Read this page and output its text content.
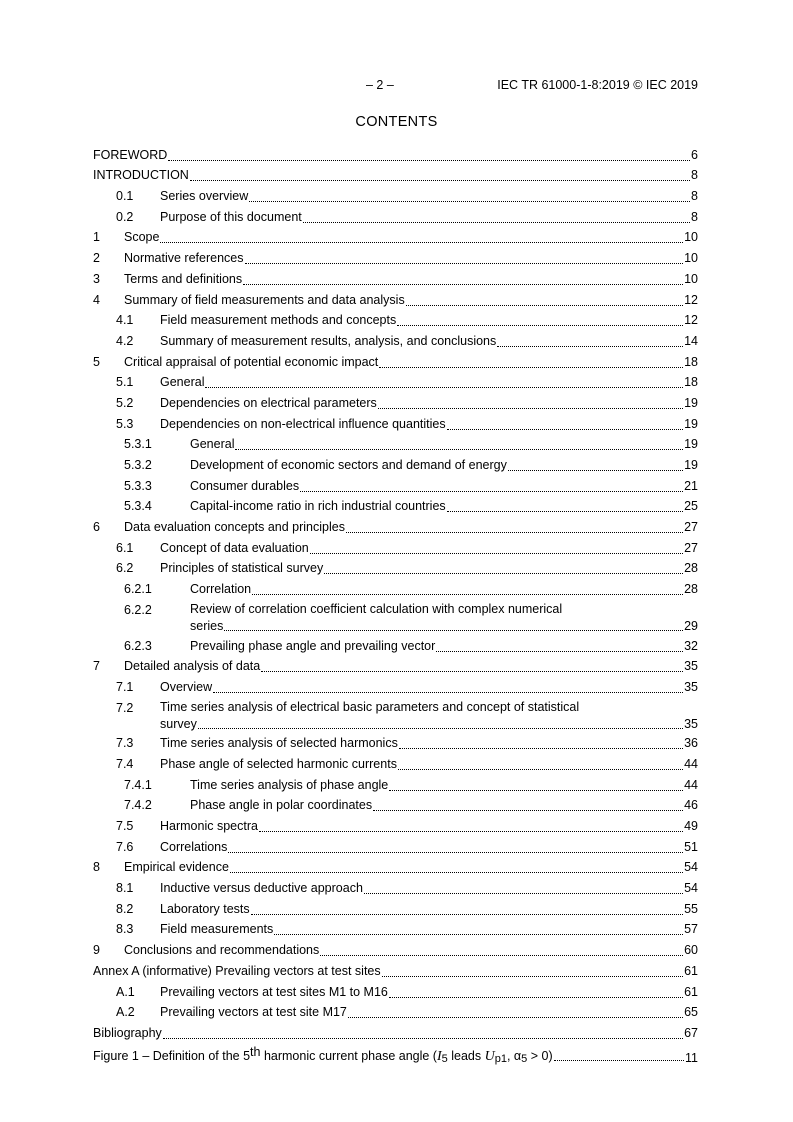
– 2 –	IEC TR 61000-1-8:2019 © IEC 2019
CONTENTS
FOREWORD	6
INTRODUCTION	8
0.1	Series overview	8
0.2	Purpose of this document	8
1	Scope	10
2	Normative references	10
3	Terms and definitions	10
4	Summary of field measurements and data analysis	12
4.1	Field measurement methods and concepts	12
4.2	Summary of measurement results, analysis, and conclusions	14
5	Critical appraisal of potential economic impact	18
5.1	General	18
5.2	Dependencies on electrical parameters	19
5.3	Dependencies on non-electrical influence quantities	19
5.3.1	General	19
5.3.2	Development of economic sectors and demand of energy	19
5.3.3	Consumer durables	21
5.3.4	Capital-income ratio in rich industrial countries	25
6	Data evaluation concepts and principles	27
6.1	Concept of data evaluation	27
6.2	Principles of statistical survey	28
6.2.1	Correlation	28
6.2.2	Review of correlation coefficient calculation with complex numerical
series	29
6.2.3	Prevailing phase angle and prevailing vector	32
7	Detailed analysis of data	35
7.1	Overview	35
7.2	Time series analysis of electrical basic parameters and concept of statistical
survey	35
7.3	Time series analysis of selected harmonics	36
7.4	Phase angle of selected harmonic currents	44
7.4.1	Time series analysis of phase angle	44
7.4.2	Phase angle in polar coordinates	46
7.5	Harmonic spectra	49
7.6	Correlations	51
8	Empirical evidence	54
8.1	Inductive versus deductive approach	54
8.2	Laboratory tests	55
8.3	Field measurements	57
9	Conclusions and recommendations	60
Annex A (informative) Prevailing vectors at test sites	61
A.1	Prevailing vectors at test sites M1 to M16	61
A.2	Prevailing vectors at test site M17	65
Bibliography	67
Figure 1 – Definition of the 5th harmonic current phase angle ($I_5$ leads $U_{p1}$, $\alpha_5 > 0$)	11
